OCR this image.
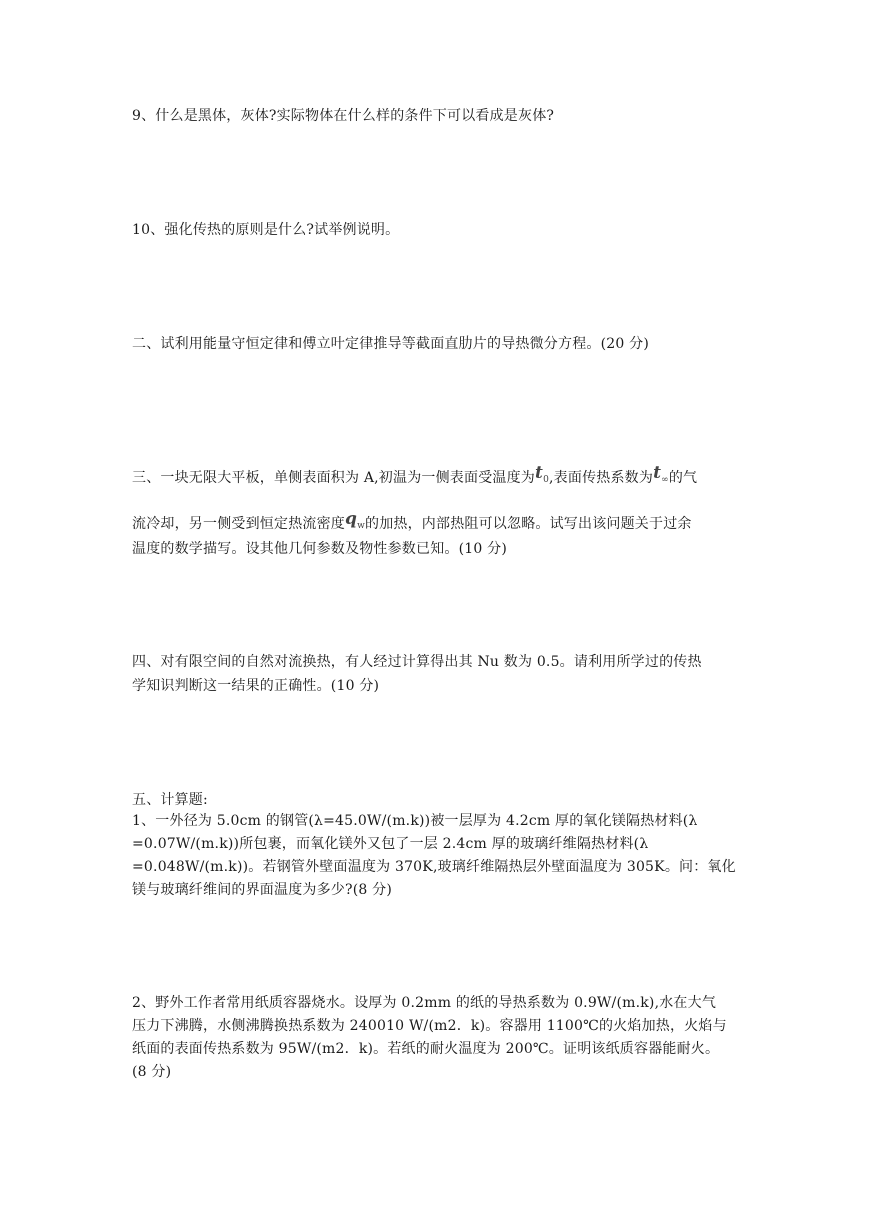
9、什么是黑体，灰体?实际物体在什么样的条件下可以看成是灰体?
10、强化传热的原则是什么?试举例说明。
二、试利用能量守恒定律和傅立叶定律推导等截面直肋片的导热微分方程。(20 分)
三、一块无限大平板，单侧表面积为 A,初温为一侧表面受温度为t0,表面传热系数为t∞的气
流冷却，另一侧受到恒定热流密度qw的加热，内部热阻可以忽略。试写出该问题关于过余
温度的数学描写。设其他几何参数及物性参数已知。(10 分)
四、对有限空间的自然对流换热，有人经过计算得出其 Nu 数为 0.5。请利用所学过的传热
学知识判断这一结果的正确性。(10 分)
五、计算题:
1、一外径为 5.0cm 的钢管(λ=45.0W/(m.k))被一层厚为 4.2cm 厚的氧化镁隔热材料(λ
=0.07W/(m.k))所包裹，而氧化镁外又包了一层 2.4cm 厚的玻璃纤维隔热材料(λ
=0.048W/(m.k))。若钢管外壁面温度为 370K,玻璃纤维隔热层外壁面温度为 305K。问：氧化
镁与玻璃纤维间的界面温度为多少?(8 分)
2、野外工作者常用纸质容器烧水。设厚为 0.2mm 的纸的导热系数为 0.9W/(m.k),水在大气
压力下沸腾，水侧沸腾换热系数为 240010 W/(m2．k)。容器用 1100℃的火焰加热，火焰与
纸面的表面传热系数为 95W/(m2．k)。若纸的耐火温度为 200℃。证明该纸质容器能耐火。
(8 分)
